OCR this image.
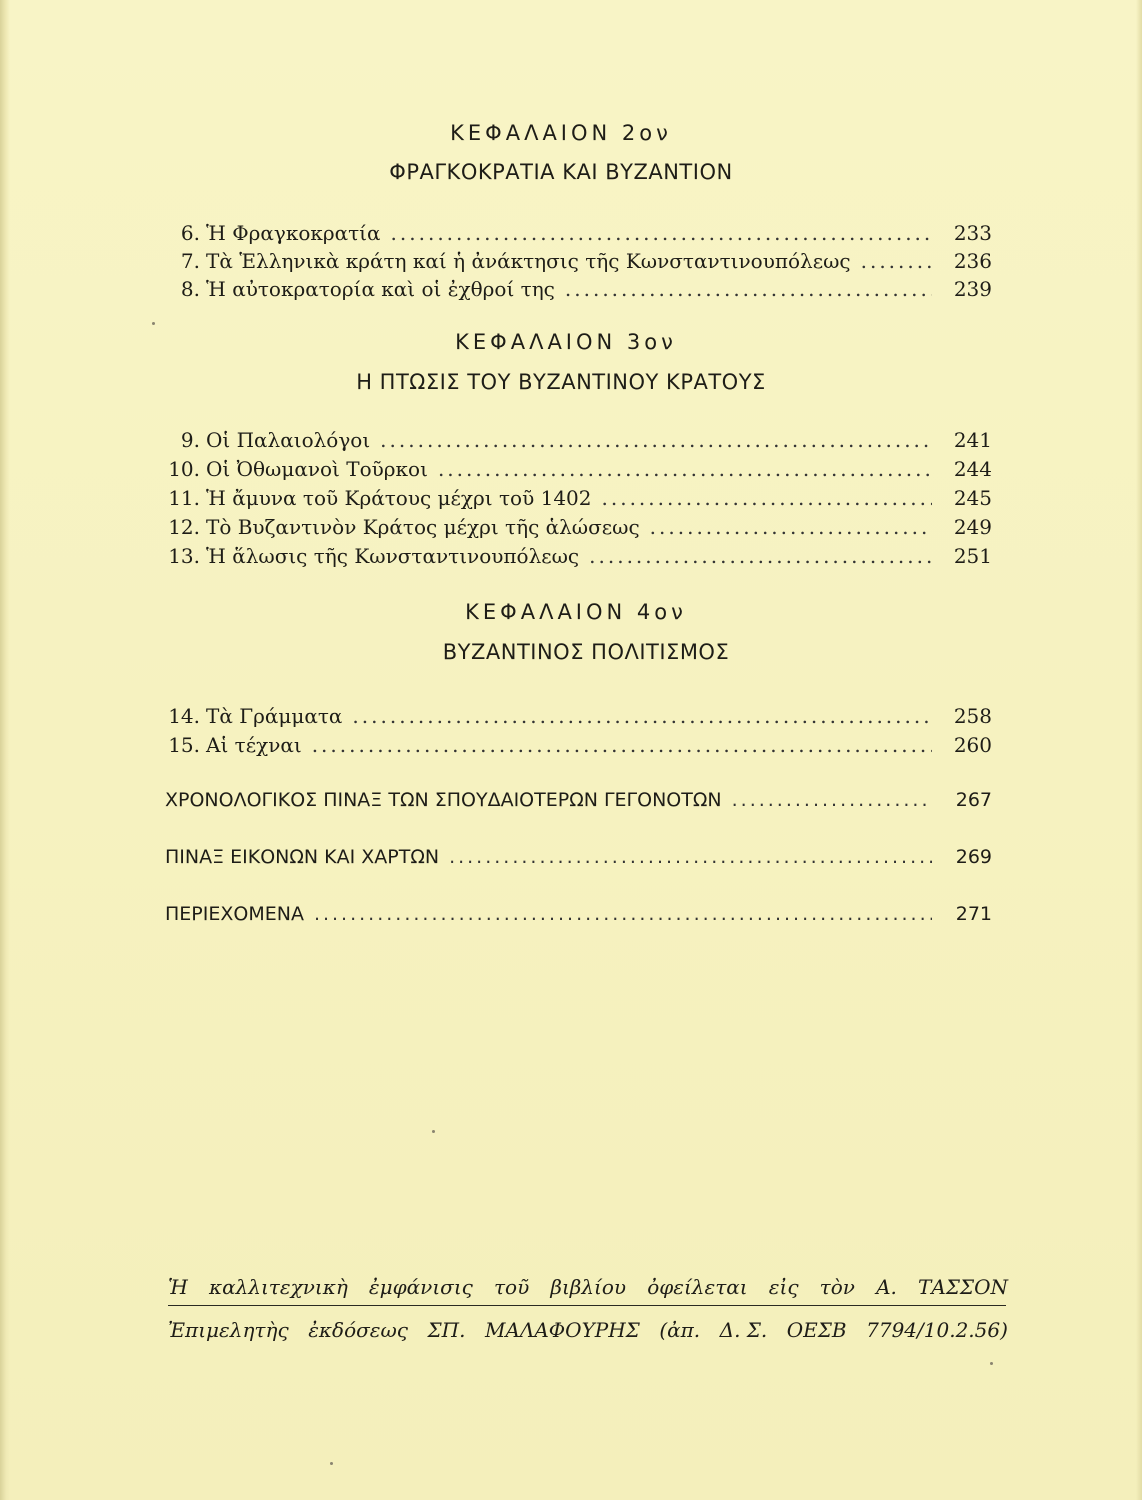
ΚΕΦΑΛΑΙΟΝ 2ον
ΦΡΑΓΚΟΚΡΑΤΙΑ ΚΑΙ ΒΥΖΑΝΤΙΟΝ
6. Ἡ Φραγκοκρατία .....	233
7. Τὰ Ἑλληνικὰ κράτη καί ἡ ἀνάκτησις τῆς Κωνσταντινουπόλεως .....	236
8. Ἡ αὐτοκρατορία καὶ οἱ ἐχθροί της .....	239
ΚΕΦΑΛΑΙΟΝ 3ον
Η ΠΤΩΣΙΣ ΤΟΥ ΒΥΖΑΝΤΙΝΟΥ ΚΡΑΤΟΥΣ
9. Οἱ Παλαιολόγοι .....	241
10. Οἱ Ὀθωμανοὶ Τοῦρκοι .....	244
11. Ἡ ἄμυνα τοῦ Κράτους μέχρι τοῦ 1402 .....	245
12. Τὸ Βυζαντινὸν Κράτος μέχρι τῆς ἁλώσεως .....	249
13. Ἡ ἅλωσις τῆς Κωνσταντινουπόλεως .....	251
ΚΕΦΑΛΑΙΟΝ 4ον
ΒΥΖΑΝΤΙΝΟΣ ΠΟΛΙΤΙΣΜΟΣ
14. Τὰ Γράμματα .....	258
15. Αἱ τέχναι .....	260
ΧΡΟΝΟΛΟΓΙΚΟΣ ΠΙΝΑΞ ΤΩΝ ΣΠΟΥΔΑΙΟΤΕΡΩΝ ΓΕΓΟΝΟΤΩΝ .....	267
ΠΙΝΑΞ ΕΙΚΟΝΩΝ ΚΑΙ ΧΑΡΤΩΝ .....	269
ΠΕΡΙΕΧΟΜΕΝΑ .....	271
Ἡ καλλιτεχνικὴ ἐμφάνισις τοῦ βιβλίου ὀφείλεται εἰς τὸν Α. ΤΑΣΣΟΝ
Ἐπιμελητὴς ἐκδόσεως ΣΠ. ΜΑΛΑΦΟΥΡΗΣ (ἀπ. Δ. Σ. ΟΕΣΒ 7794/10.2.56)
